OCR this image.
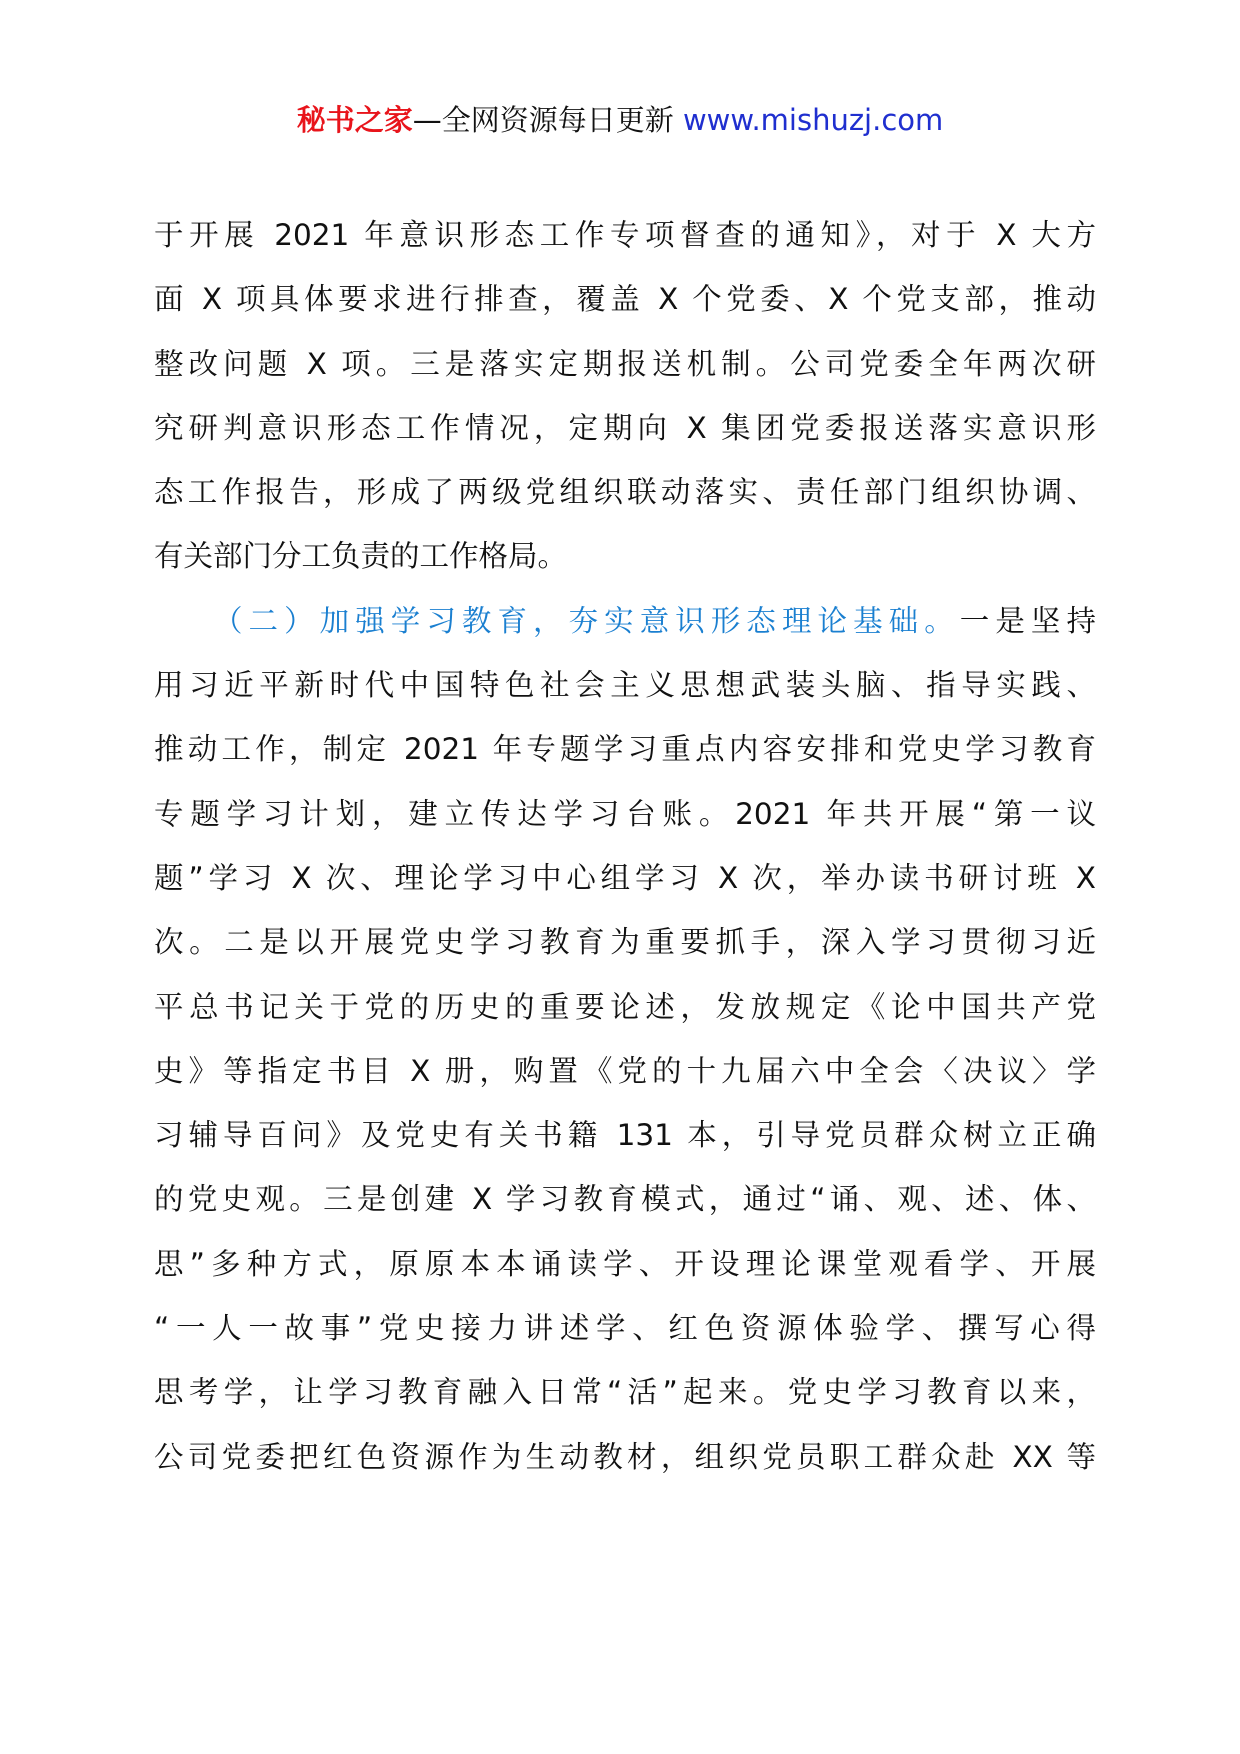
秘书之家—全网资源每日更新 www.mishuzj.com
于开展 2021 年意识形态工作专项督查的通知》，对于 X 大方
面 X 项具体要求进行排查，覆盖 X 个党委、X 个党支部，推动
整改问题 X 项。三是落实定期报送机制。公司党委全年两次研
究研判意识形态工作情况，定期向 X 集团党委报送落实意识形
态工作报告，形成了两级党组织联动落实、责任部门组织协调、
有关部门分工负责的工作格局。
（二）加强学习教育，夯实意识形态理论基础。一是坚持
用习近平新时代中国特色社会主义思想武装头脑、指导实践、
推动工作，制定 2021 年专题学习重点内容安排和党史学习教育
专题学习计划，建立传达学习台账。2021 年共开展“第一议
题”学习 X 次、理论学习中心组学习 X 次，举办读书研讨班 X
次。二是以开展党史学习教育为重要抓手，深入学习贯彻习近
平总书记关于党的历史的重要论述，发放规定《论中国共产党
史》等指定书目 X 册，购置《党的十九届六中全会〈决议〉学
习辅导百问》及党史有关书籍 131 本，引导党员群众树立正确
的党史观。三是创建 X 学习教育模式，通过“诵、观、述、体、
思”多种方式，原原本本诵读学、开设理论课堂观看学、开展
“一人一故事”党史接力讲述学、红色资源体验学、撰写心得
思考学，让学习教育融入日常“活”起来。党史学习教育以来，
公司党委把红色资源作为生动教材，组织党员职工群众赴 XX 等
